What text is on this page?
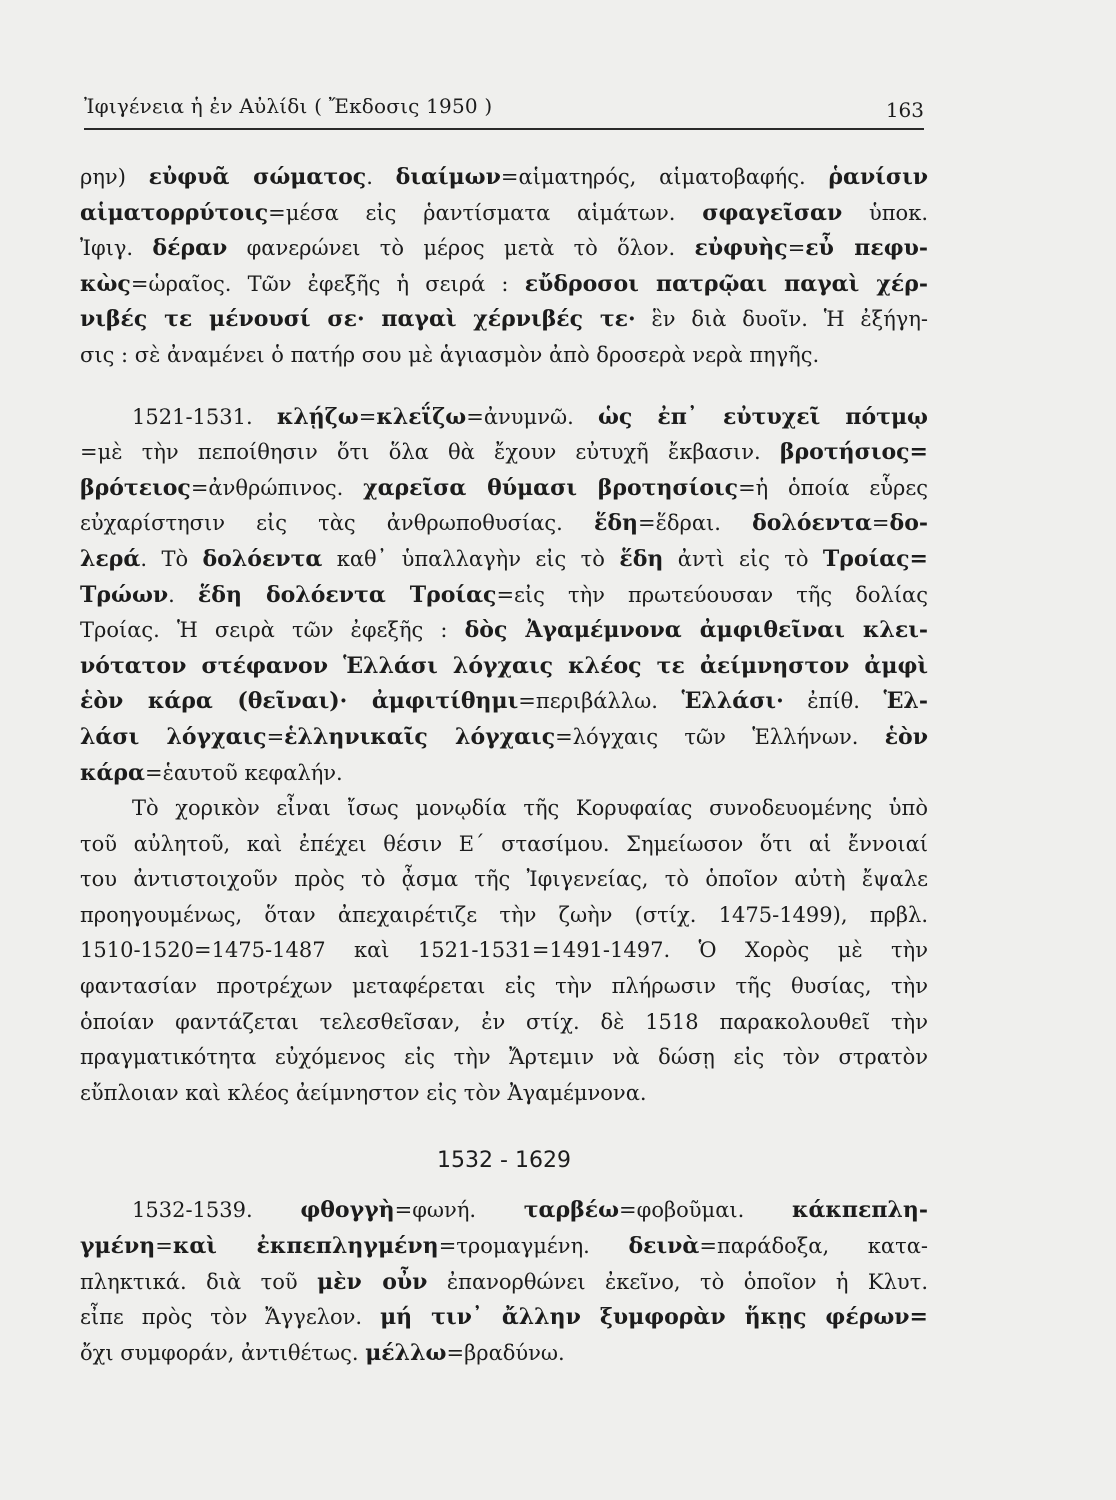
Ἰφιγένεια ἡ ἐν Αὐλίδι ( Ἔκδοσις 1950 )	163
ρην) εὐφυᾶ σώματος. διαίμων=αἱματηρός, αἱματοβαφής. ῥανίσιν
αἱματορρύτοις=μέσα εἰς ῥαντίσματα αἱμάτων. σφαγεῖσαν ὑποκ.
Ἰφιγ. δέραν φανερώνει τὸ μέρος μετὰ τὸ ὅλον. εὐφυὴς=εὖ πεφυ-
κὼς=ὡραῖος. Τῶν ἐφεξῆς ἡ σειρά : εὔδροσοι πατρῷαι παγαὶ χέρ-
νιβές τε μένουσί σε· παγαὶ χέρνιβές τε· ἓν διὰ δυοῖν. Ἡ ἐξήγη-
σις : σὲ ἀναμένει ὁ πατήρ σου μὲ ἁγιασμὸν ἀπὸ δροσερὰ νερὰ πηγῆς.
1521-1531. κλῄζω=κλεΐζω=ἀνυμνῶ. ὡς ἐπ᾽ εὐτυχεῖ πότμῳ
=μὲ τὴν πεποίθησιν ὅτι ὅλα θὰ ἔχουν εὐτυχῆ ἔκβασιν. βροτήσιος=
βρότειος=ἀνθρώπινος. χαρεῖσα θύμασι βροτησίοις=ἡ ὁποία εὗρες
εὐχαρίστησιν εἰς τὰς ἀνθρωποθυσίας. ἕδη=ἕδραι. δολόεντα=δο-
λερά. Τὸ δολόεντα καθ᾽ ὑπαλλαγὴν εἰς τὸ ἕδη ἀντὶ εἰς τὸ Τροίας=
Τρώων. ἕδη δολόεντα Τροίας=εἰς τὴν πρωτεύουσαν τῆς δολίας
Τροίας. Ἡ σειρὰ τῶν ἐφεξῆς : δὸς Ἀγαμέμνονα ἀμφιθεῖναι κλει-
νότατον στέφανον Ἑλλάσι λόγχαις κλέος τε ἀείμνηστον ἀμφὶ
ἑὸν κάρα (θεῖναι)· ἀμφιτίθημι=περιβάλλω. Ἑλλάσι· ἐπίθ. Ἑλ-
λάσι λόγχαις=ἑλληνικαῖς λόγχαις=λόγχαις τῶν Ἑλλήνων. ἑὸν
κάρα=ἑαυτοῦ κεφαλήν.
Τὸ χορικὸν εἶναι ἴσως μονῳδία τῆς Κορυφαίας συνοδευομένης ὑπὸ
τοῦ αὐλητοῦ, καὶ ἐπέχει θέσιν Ε´ στασίμου. Σημείωσον ὅτι αἱ ἔννοιαί
του ἀντιστοιχοῦν πρὸς τὸ ᾆσμα τῆς Ἰφιγενείας, τὸ ὁποῖον αὐτὴ ἔψαλε
προηγουμένως, ὅταν ἀπεχαιρέτιζε τὴν ζωὴν (στίχ. 1475-1499), πρβλ.
1510-1520=1475-1487 καὶ 1521-1531=1491-1497. Ὁ Χορὸς μὲ τὴν
φαντασίαν προτρέχων μεταφέρεται εἰς τὴν πλήρωσιν τῆς θυσίας, τὴν
ὁποίαν φαντάζεται τελεσθεῖσαν, ἐν στίχ. δὲ 1518 παρακολουθεῖ τὴν
πραγματικότητα εὐχόμενος εἰς τὴν Ἄρτεμιν νὰ δώσῃ εἰς τὸν στρατὸν
εὔπλοιαν καὶ κλέος ἀείμνηστον εἰς τὸν Ἀγαμέμνονα.
1532 - 1629
1532-1539. φθογγὴ=φωνή. ταρβέω=φοβοῦμαι. κάκπεπλη-
γμένη=καὶ ἐκπεπληγμένη=τρομαγμένη. δεινὰ=παράδοξα, κατα-
πληκτικά. διὰ τοῦ μὲν οὖν ἐπανορθώνει ἐκεῖνο, τὸ ὁποῖον ἡ Κλυτ.
εἶπε πρὸς τὸν Ἄγγελον. μή τιν᾽ ἄλλην ξυμφορὰν ἥκῃς φέρων=
ὄχι συμφοράν, ἀντιθέτως. μέλλω=βραδύνω.
